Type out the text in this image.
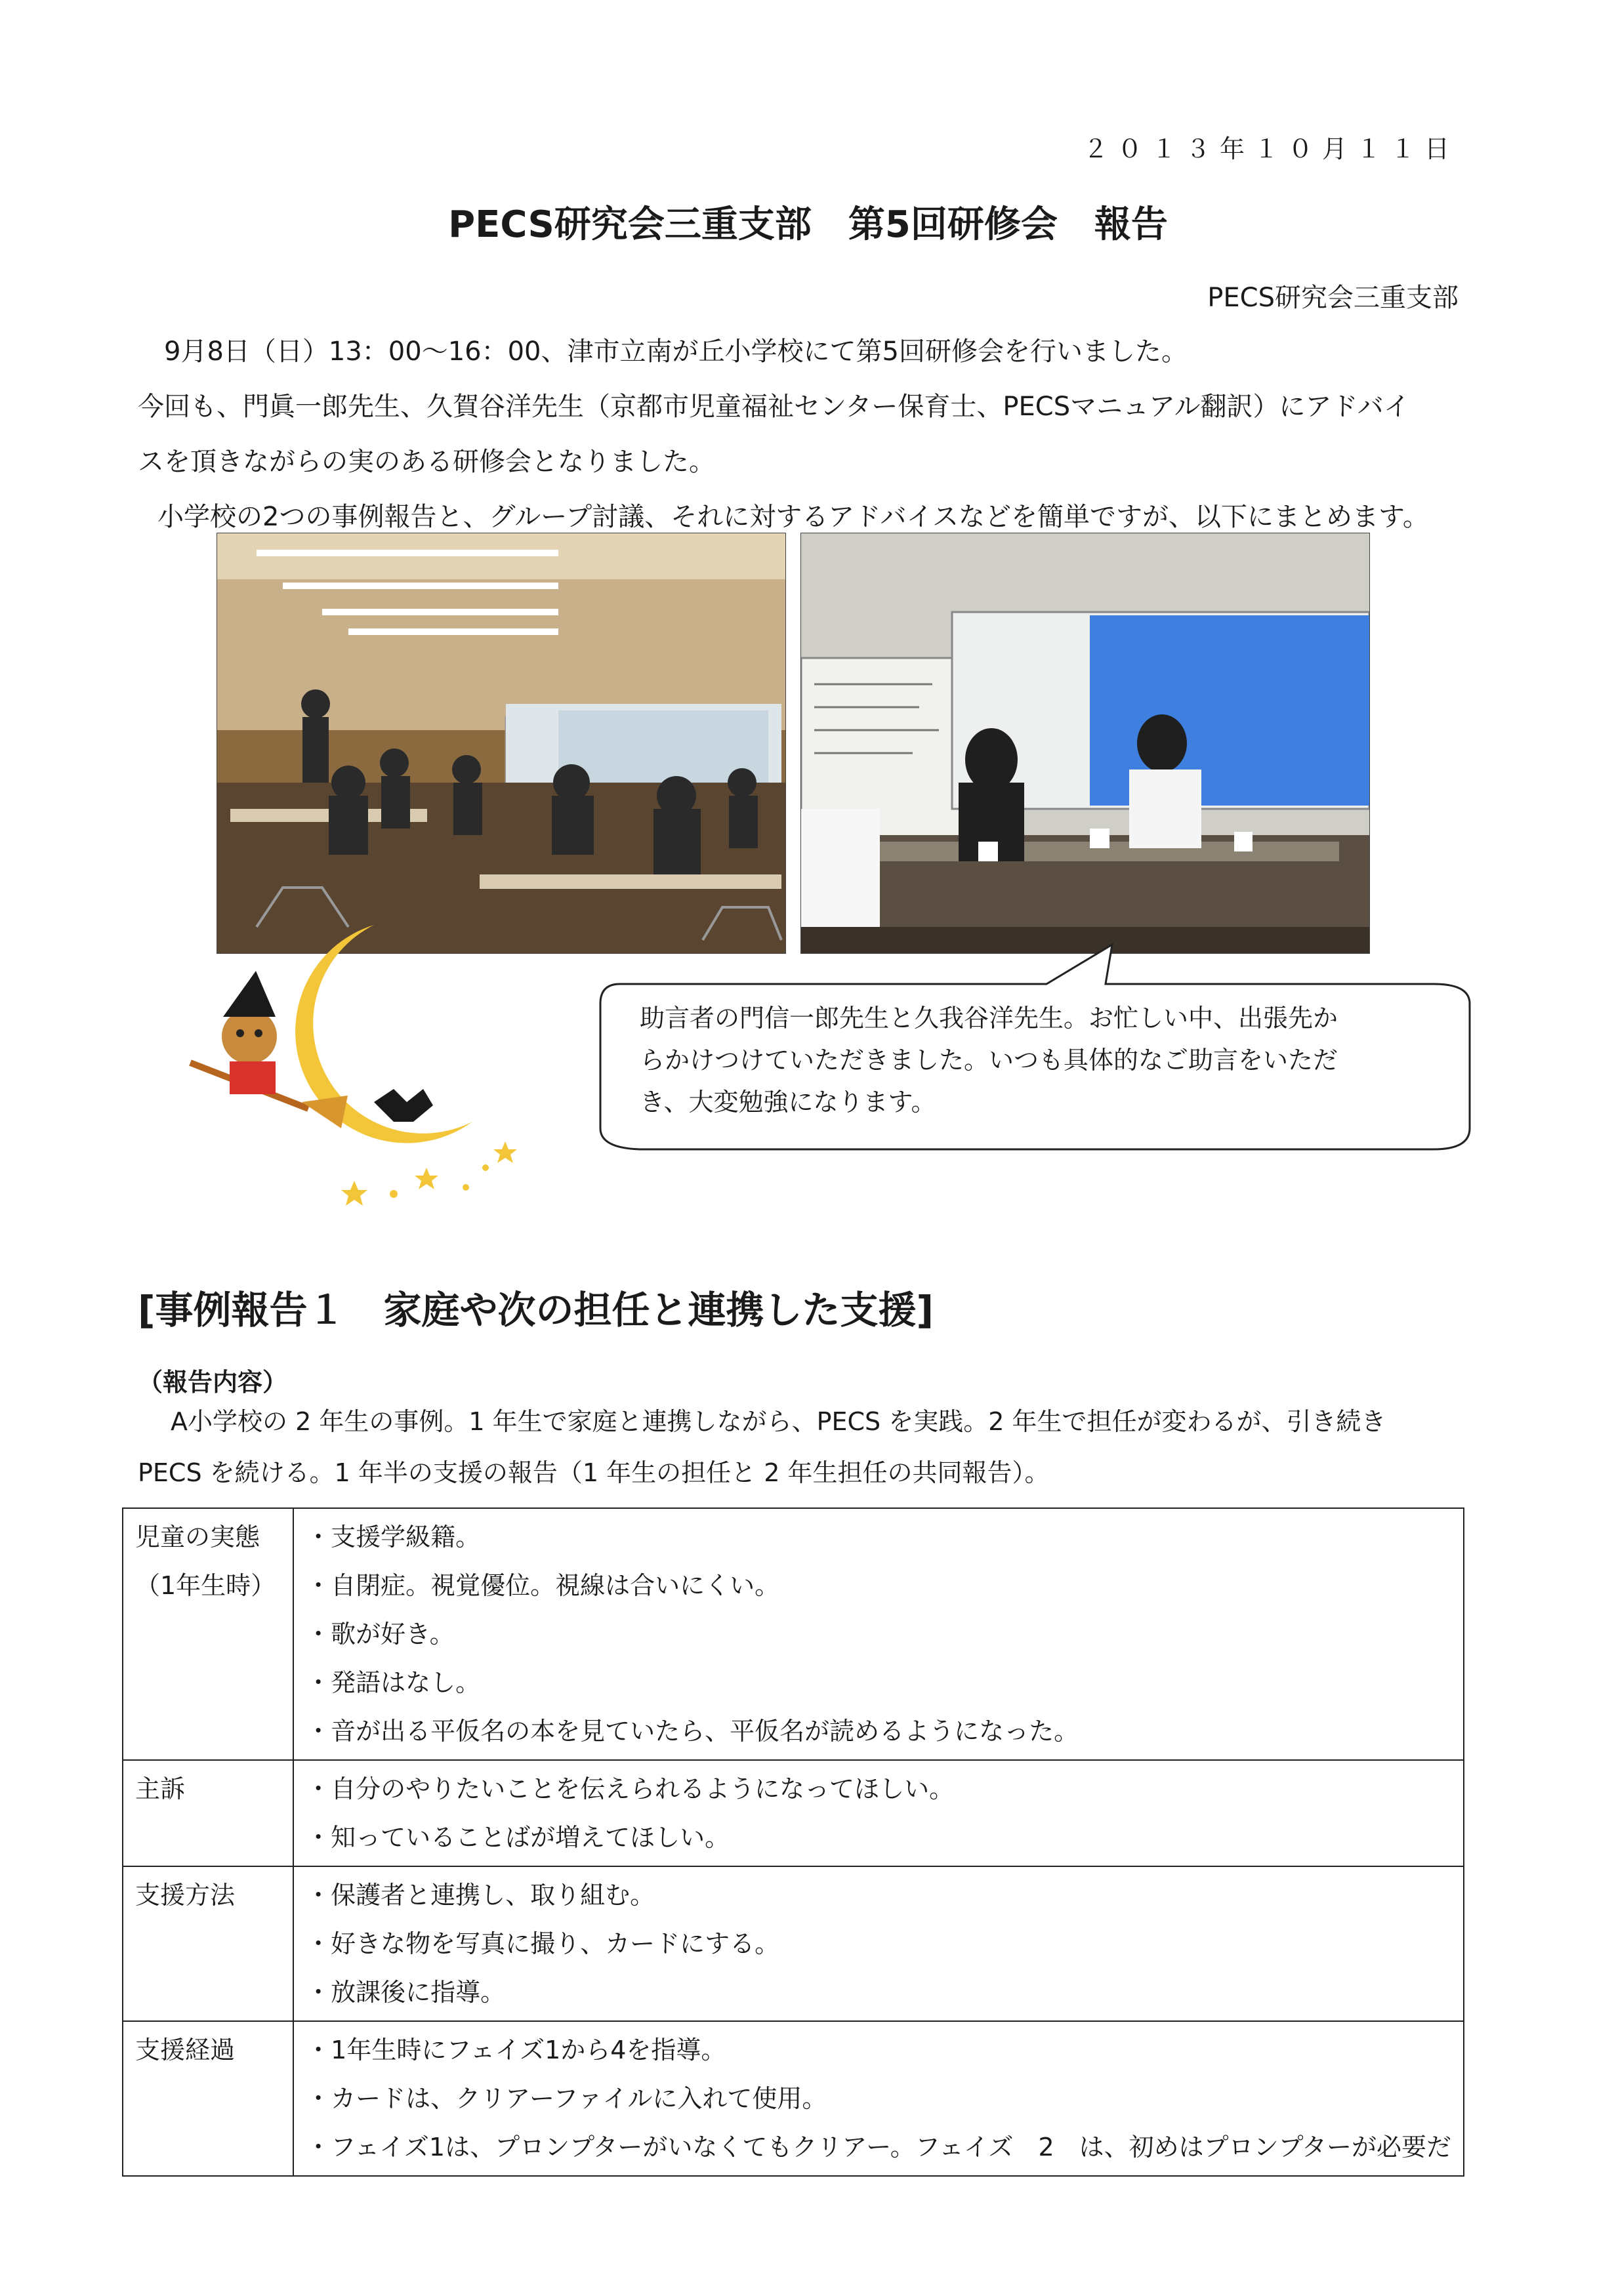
２０１３年１０月１１日
PECS研究会三重支部　第5回研修会　報告
PECS研究会三重支部

9月8日（日）13：00～16：00、津市立南が丘小学校にて第5回研修会を行いました。

今回も、門眞一郎先生、久賀谷洋先生（京都市児童福祉センター保育士、PECSマニュアル翻訳）にアドバイ

スを頂きながらの実のある研修会となりました。

小学校の2つの事例報告と、グループ討議、それに対するアドバイスなどを簡単ですが、以下にまとめます。

助言者の門信一郎先生と久我谷洋先生。お忙しい中、出張先か
らかけつけていただきました。いつも具体的なご助言をいただ
き、大変勉強になります。
[事例報告１　家庭や次の担任と連携した支援]
（報告内容）

A小学校の 2 年生の事例。1 年生で家庭と連携しながら、PECS を実践。2 年生で担任が変わるが、引き続き

PECS を続ける。1 年半の支援の報告（1 年生の担任と 2 年生担任の共同報告）。

児童の実態
（1年生時）	・支援学級籍。
・自閉症。視覚優位。視線は合いにくい。
・歌が好き。
・発語はなし。
・音が出る平仮名の本を見ていたら、平仮名が読めるようになった。

主訴	・自分のやりたいことを伝えられるようになってほしい。
・知っていることばが増えてほしい。

支援方法	・保護者と連携し、取り組む。
・好きな物を写真に撮り、カードにする。
・放課後に指導。

支援経過	・1年生時にフェイズ1から4を指導。
・カードは、クリアーファイルに入れて使用。
・フェイズ1は、プロンプターがいなくてもクリアー。フェイズ　2　は、初めはプロンプターが必要だ
